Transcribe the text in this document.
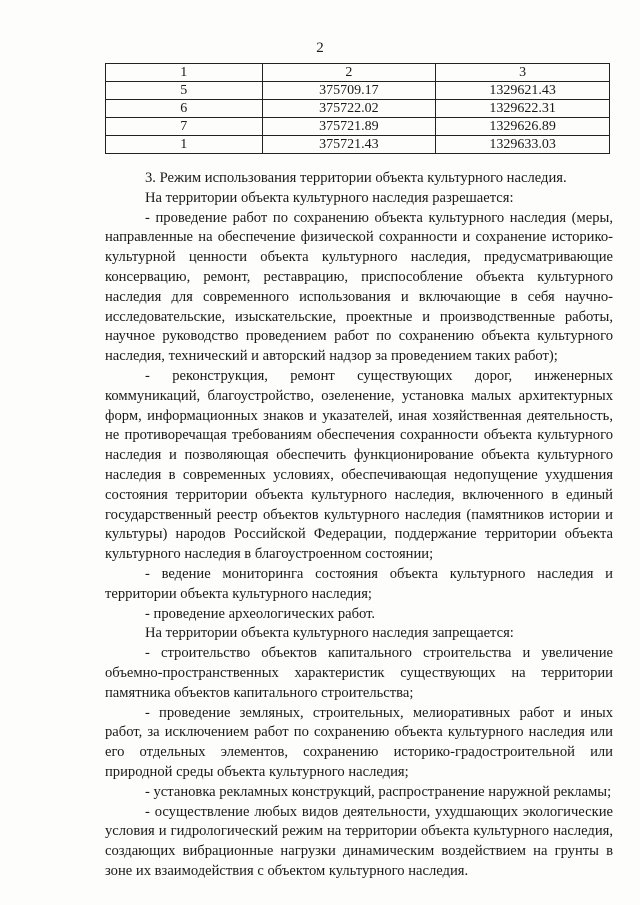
2
1	2	3
5	375709.17	1329621.43
6	375722.02	1329622.31
7	375721.89	1329626.89
1	375721.43	1329633.03

3. Режим использования территории объекта культурного наследия.

На территории объекта культурного наследия разрешается:

- проведение работ по сохранению объекта культурного наследия (меры, направленные на обеспечение физической сохранности и сохранение историко-культурной ценности объекта культурного наследия, предусматривающие консервацию, ремонт, реставрацию, приспособление объекта культурного наследия для современного использования и включающие в себя научно-исследовательские, изыскательские, проектные и производственные работы, научное руководство проведением работ по сохранению объекта культурного наследия, технический и авторский надзор за проведением таких работ);

- реконструкция, ремонт существующих дорог, инженерных коммуникаций, благоустройство, озеленение, установка малых архитектурных форм, информационных знаков и указателей, иная хозяйственная деятельность, не противоречащая требованиям обеспечения сохранности объекта культурного наследия и позволяющая обеспечить функционирование объекта культурного наследия в современных условиях, обеспечивающая недопущение ухудшения состояния территории объекта культурного наследия, включенного в единый государственный реестр объектов культурного наследия (памятников истории и культуры) народов Российской Федерации, поддержание территории объекта культурного наследия в благоустроенном состоянии;

- ведение мониторинга состояния объекта культурного наследия и территории объекта культурного наследия;

- проведение археологических работ.

На территории объекта культурного наследия запрещается:

- строительство объектов капитального строительства и увеличение объемно-пространственных характеристик существующих на территории памятника объектов капитального строительства;

- проведение земляных, строительных, мелиоративных работ и иных работ, за исключением работ по сохранению объекта культурного наследия или его отдельных элементов, сохранению историко-градостроительной или природной среды объекта культурного наследия;

- установка рекламных конструкций, распространение наружной рекламы;

- осуществление любых видов деятельности, ухудшающих экологические условия и гидрологический режим на территории объекта культурного наследия, создающих вибрационные нагрузки динамическим воздействием на грунты в зоне их взаимодействия с объектом культурного наследия.
